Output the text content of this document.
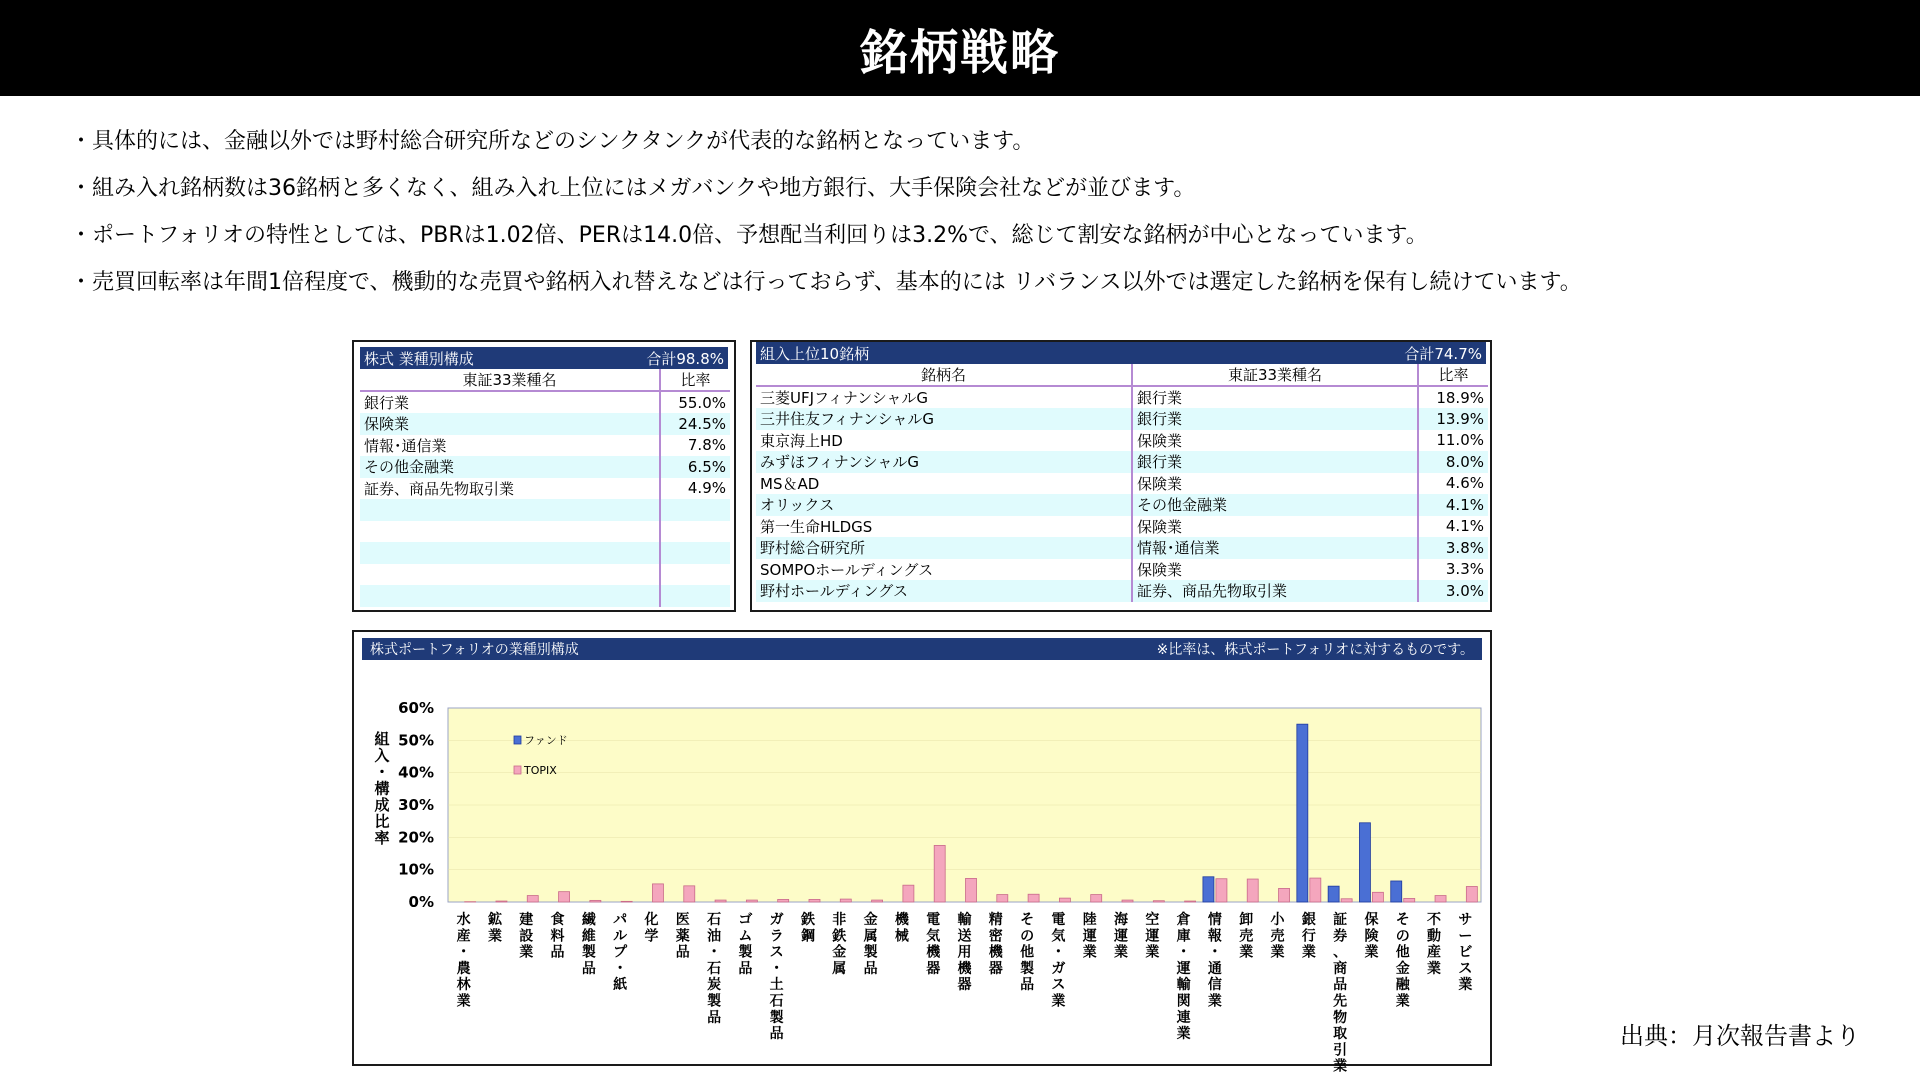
銘柄戦略
・具体的には、金融以外では野村総合研究所などのシンクタンクが代表的な銘柄となっています。
・組み入れ銘柄数は36銘柄と多くなく、組み入れ上位にはメガバンクや地方銀行、大手保険会社などが並びます。
・ポートフォリオの特性としては、PBRは1.02倍、PERは14.0倍、予想配当利回りは3.2%で、総じて割安な銘柄が中心となっています。
・売買回転率は年間1倍程度で、機動的な売買や銘柄入れ替えなどは行っておらず、基本的には リバランス以外では選定した銘柄を保有し続けています。
株式 業種別構成	合計98.8%
東証33業種名	比率
銀行業	55.0%
保険業	24.5%
情報･通信業	7.8%
その他金融業	6.5%
証券、商品先物取引業	4.9%

組入上位10銘柄	合計74.7%
銘柄名	東証33業種名	比率
三菱UFJフィナンシャルG	銀行業	18.9%
三井住友フィナンシャルG	銀行業	13.9%
東京海上HD	保険業	11.0%
みずほフィナンシャルG	銀行業	8.0%
MS＆AD	保険業	4.6%
オリックス	その他金融業	4.1%
第一生命HLDGS	保険業	4.1%
野村総合研究所	情報･通信業	3.8%
SOMPOホールディングス	保険業	3.3%
野村ホールディングス	証券、商品先物取引業	3.0%
株式ポートフォリオの業種別構成	※比率は、株式ポートフォリオに対するものです。
0%
10%
20%
30%
40%
50%
60%
組
入
･
構
成
比
率
水
産
・
農
林
業
鉱
業
建
設
業
食
料
品
繊
維
製
品
パ
ル
プ
・
紙
化
学
医
薬
品
石
油
・
石
炭
製
品
ゴ
ム
製
品
ガ
ラ
ス
・
土
石
製
品
鉄
鋼
非
鉄
金
属
金
属
製
品
機
械
電
気
機
器
輸
送
用
機
器
精
密
機
器
そ
の
他
製
品
電
気
・
ガ
ス
業
陸
運
業
海
運
業
空
運
業
倉
庫
・
運
輸
関
連
業
情
報
・
通
信
業
卸
売
業
小
売
業
銀
行
業
証
券
、
商
品
先
物
取
引
業
保
険
業
そ
の
他
金
融
業
不
動
産
業
サ
ー
ビ
ス
業
ファンド
TOPIX
出典：月次報告書より
